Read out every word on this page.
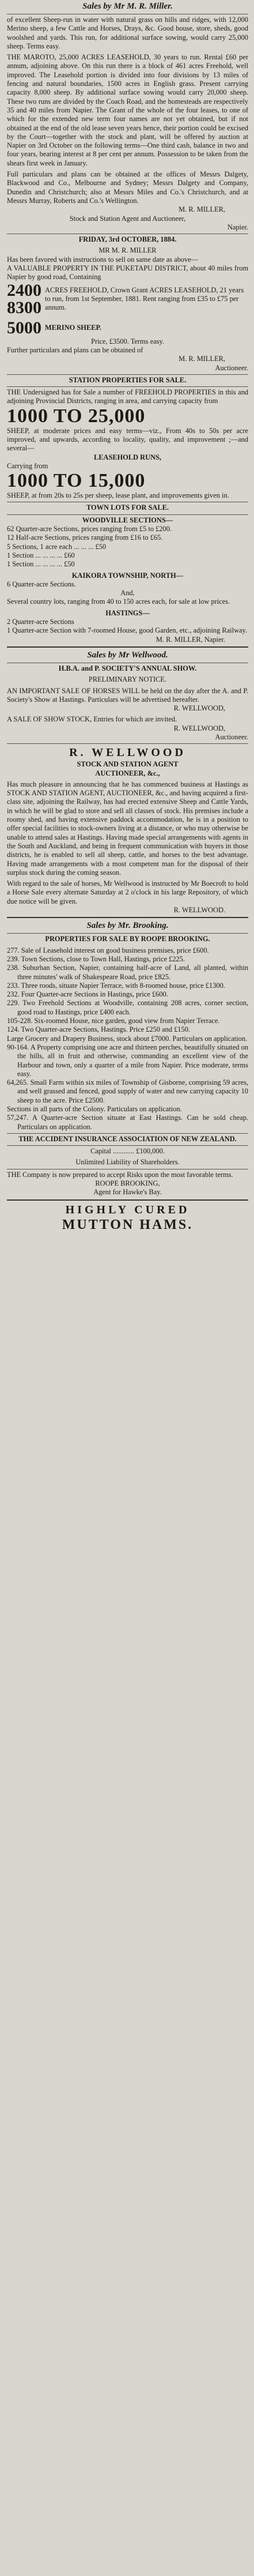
Sales by Mr M. R. Miller.

of excellent Sheep-run in water with natural grass on hills and ridges, with 12,000 Merino sheep, a few Cattle and Horses, Drays, &c. Good house, store, sheds, good woolshed and yards. This run, for additional surface sowing, would carry 25,000 sheep. Terms easy.

THE MAROTO, 25,000 ACRES LEASEHOLD, 30 years to run. Rental £60 per annum, adjoining above. On this run there is a block of 461 acres Freehold, well improved. The Leasehold portion is divided into four divisions by 13 miles of fencing and natural boundaries, 1500 acres in English grass. Present carrying capacity 8,000 sheep. By additional surface sowing would carry 20,000 sheep. These two runs are divided by the Coach Road, and the homesteads are respectively 35 and 40 miles from Napier. The Grant of the whole of the four leases, to one of which for the extended new term four names are not yet obtained, but if not obtained at the end of the old lease seven years hence, their portion could be excised by the Court—together with the stock and plant, will be offered by auction at Napier on 3rd October on the following terms—One third cash, balance in two and four years, bearing interest at 8 per cent per annum. Possession to be taken from the shears first week in January.

Full particulars and plans can be obtained at the offices of Messrs Dalgety, Blackwood and Co., Melbourne and Sydney; Messrs Dalgety and Company, Dunedin and Christchurch; also at Messrs Miles and Co.'s Christchurch, and at Messrs Murray, Roberts and Co.'s Wellington.

M. R. MILLER,
Stock and Station Agent and Auctioneer,
Napier.
FRIDAY, 3rd OCTOBER, 1884.
MR M. R. MILLER

Has been favored with instructions to sell on same date as above—

A VALUABLE PROPERTY IN THE PUKETAPU DISTRICT, about 40 miles from Napier by good road, Containing

2400
8300
ACRES FREEHOLD, Crown Grant ACRES LEASEHOLD, 21 years to run, from 1st September, 1881. Rent ranging from £35 to £75 per annum.
5000 MERINO SHEEP.
Price, £3500. Terms easy.

Further particulars and plans can be obtained of

M. R. MILLER,
Auctioneer.
STATION PROPERTIES FOR SALE.

THE Undersigned has for Sale a number of FREEHOLD PROPERTIES in this and adjoining Provincial Districts, ranging in area, and carrying capacity from

1000 TO 25,000

SHEEP, at moderate prices and easy terms—viz., From 40s to 50s per acre improved, and upwards, according to locality, quality, and improvement ;—and several—

LEASEHOLD RUNS,
Carrying from
1000 TO 15,000

SHEEP, at from 20s to 25s per sheep, lease plant, and improvements given in.

TOWN LOTS FOR SALE.
WOODVILLE SECTIONS—
62 Quarter-acre Sections, prices ranging from £5 to £200.
12 Half-acre Sections, prices ranging from £16 to £65.
5 Sections, 1 acre each ... ... ... £50
1 Section ... ... ... ... £60
1 Section ... ... ... ... £50
KAIKORA TOWNSHIP, NORTH—
6 Quarter-acre Sections.
And,
Several country lots, ranging from 40 to 150 acres each, for sale at low prices.
HASTINGS—
2 Quarter-acre Sections
1 Quarter-acre Section with 7-roomed House, good Garden, etc., adjoining Railway.
M. R. MILLER, Napier.
Sales by Mr Wellwood.
H.B.A. and P. SOCIETY'S ANNUAL SHOW.
PRELIMINARY NOTICE.

AN IMPORTANT SALE OF HORSES WILL be held on the day after the A. and P. Society's Show at Hastings. Particulars will be advertised hereafter.

R. WELLWOOD,

A SALE OF SHOW STOCK, Entries for which are invited.

R. WELLWOOD,
Auctioneer.
R. WELLWOOD
STOCK AND STATION AGENT
AUCTIONEER, &c.,

Has much pleasure in announcing that he has commenced business at Hastings as STOCK AND STATION AGENT, AUCTIONEER, &c., and having acquired a first-class site, adjoining the Railway, has had erected extensive Sheep and Cattle Yards, in which he will be glad to store and sell all classes of stock. His premises include a roomy shed, and having extensive paddock accommodation, he is in a position to offer special facilities to stock-owners living at a distance, or who may otherwise be unable to attend sales at Hastings. Having made special arrangements with agents in the South and Auckland, and being in frequent communication with buyers in those districts, he is enabled to sell all sheep, cattle, and horses to the best advantage. Having made arrangements with a most competent man for the disposal of their surplus stock during the coming season.

With regard to the sale of horses, Mr Wellwood is instructed by Mr Boecroft to hold a Horse Sale every alternate Saturday at 2 o'clock in his large Repository, of which due notice will be given.

R. WELLWOOD.
Sales by Mr. Brooking.
PROPERTIES FOR SALE BY ROOPE BROOKING.
277. Sale of Leasehold interest on good business premises, price £600.
239. Town Sections, close to Town Hall, Hastings, price £225.
238. Suburban Section, Napier, containing half-acre of Land, all planted, within three minutes' walk of Shakespeare Road, price £825.
233. Three roods, situate Napier Terrace, with 8-roomed house, price £1300.
232. Four Quarter-acre Sections in Hastings, price £600.
229. Two Freehold Sections at Woodville, containing 208 acres, corner section, good road to Hastings, price £400 each.
105-228. Six-roomed House, nice garden, good view from Napier Terrace.
124. Two Quarter-acre Sections, Hastings. Price £250 and £150.
Large Grocery and Drapery Business, stock about £7000. Particulars on application.
90-164. A Property comprising one acre and thirteen perches, beautifully situated on the hills, all in fruit and otherwise, commanding an excellent view of the Harbour and town, only a quarter of a mile from Napier. Price moderate, terms easy.
64,265. Small Farm within six miles of Township of Gisborne, comprising 59 acres, and well grassed and fenced, good supply of water and new carrying capacity 10 sheep to the acre. Price £2500.
Sections in all parts of the Colony. Particulars on application.
57,247. A Quarter-acre Section situate at East Hastings. Can be sold cheap. Particulars on application.
THE ACCIDENT INSURANCE ASSOCIATION OF NEW ZEALAND.
Capital ............ £100,000.
Unlimited Liability of Shareholders.

THE Company is now prepared to accept Risks upon the most favorable terms.

ROOPE BROOKING,
Agent for Hawke's Bay.
HIGHLY CURED
MUTTON HAMS.
